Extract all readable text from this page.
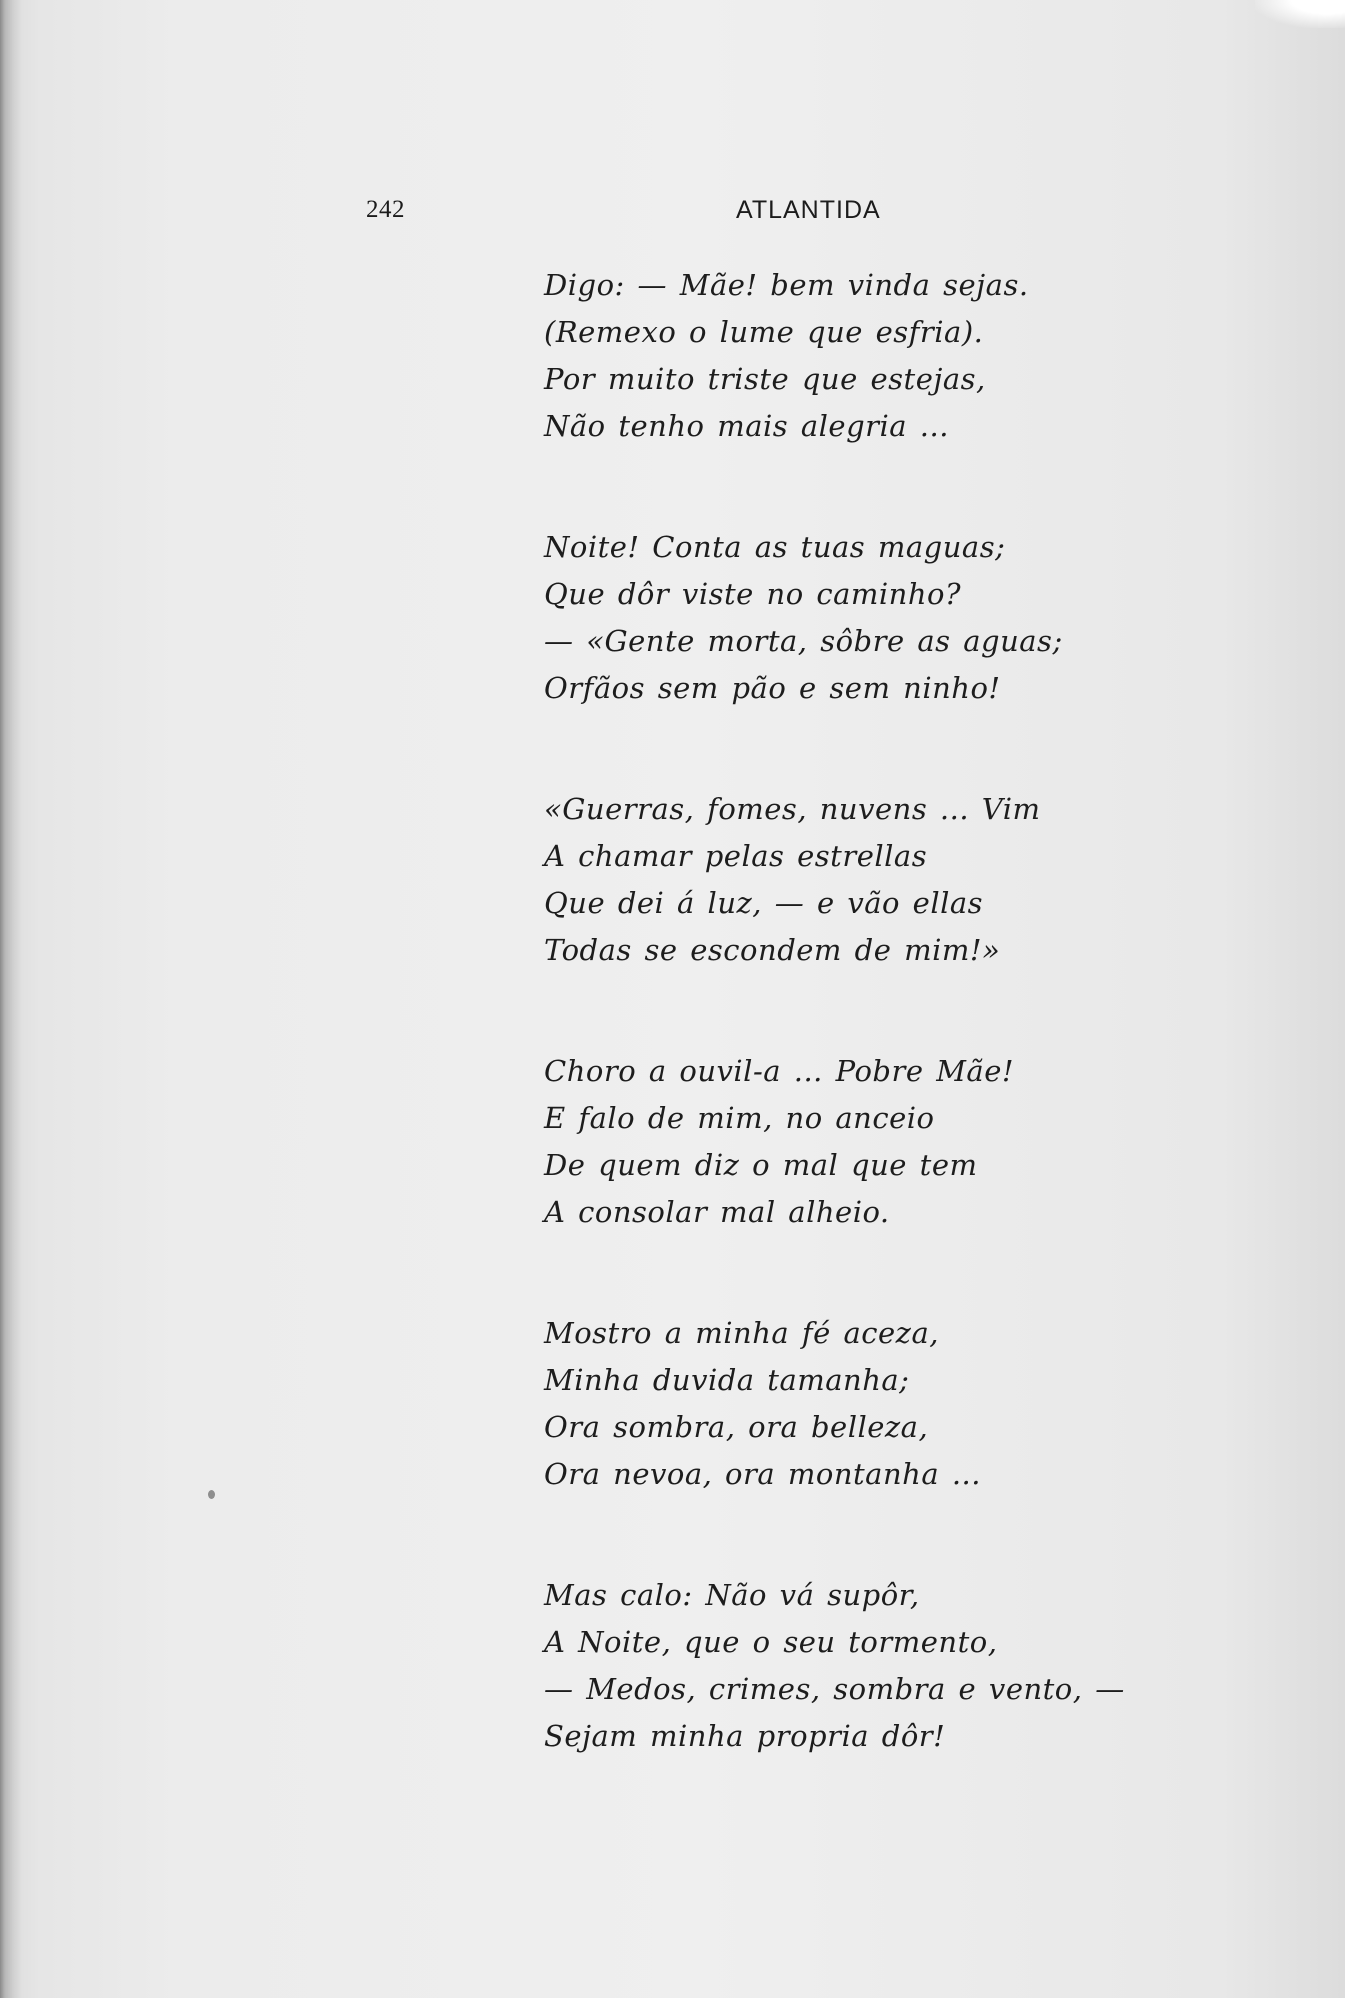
242	ATLANTIDA
Digo: — Mãe! bem vinda sejas.
(Remexo o lume que esfria).
Por muito triste que estejas,
Não tenho mais alegria ...
Noite! Conta as tuas maguas;
Que dôr viste no caminho?
— «Gente morta, sôbre as aguas;
Orfãos sem pão e sem ninho!
«Guerras, fomes, nuvens ... Vim
A chamar pelas estrellas
Que dei á luz, — e vão ellas
Todas se escondem de mim!»
Choro a ouvil-a ... Pobre Mãe!
E falo de mim, no anceio
De quem diz o mal que tem
A consolar mal alheio.
Mostro a minha fé aceza,
Minha duvida tamanha;
Ora sombra, ora belleza,
Ora nevoa, ora montanha ...
Mas calo: Não vá supôr,
A Noite, que o seu tormento,
— Medos, crimes, sombra e vento, —
Sejam minha propria dôr!
